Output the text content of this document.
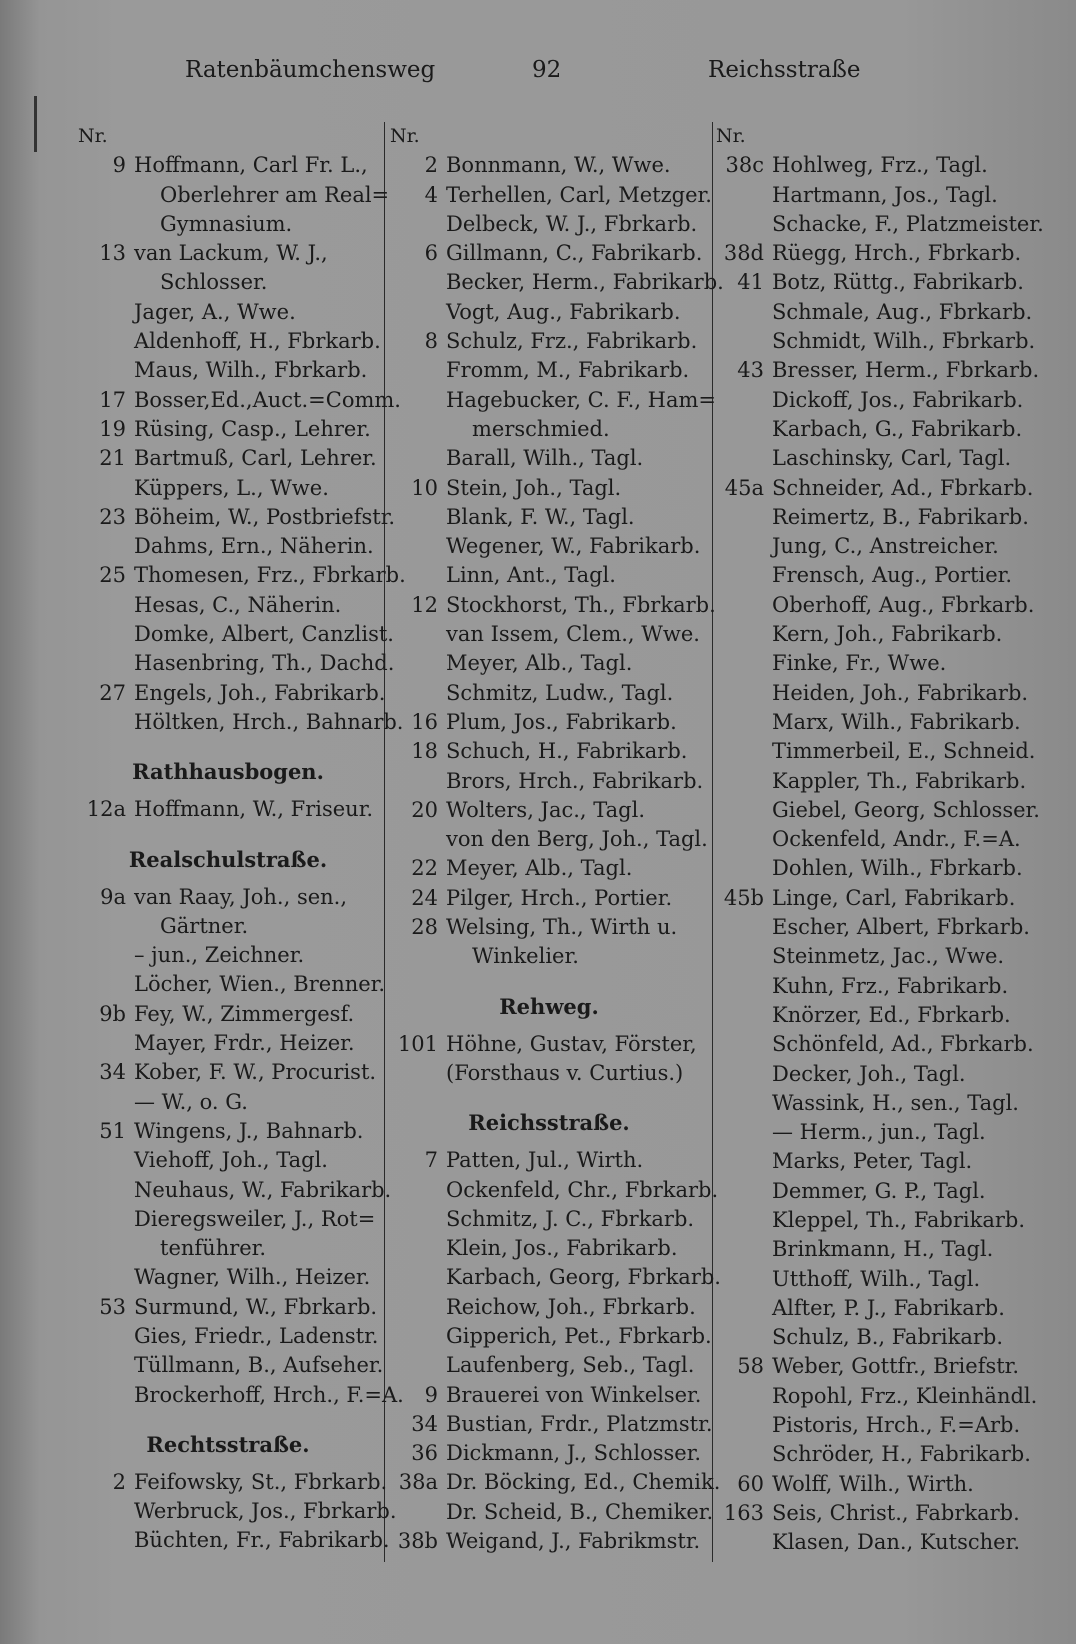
Ratenbäumchensweg	92	Reichsstraße
Nr.
9 Hoffmann, Carl Fr. L.,
Oberlehrer am Real=
Gymnasium.
13 van Lackum, W. J.,
Schlosser.
Jager, A., Wwe.
Aldenhoff, H., Fbrkarb.
Maus, Wilh., Fbrkarb.
17 Bosser,Ed.,Auct.=Comm.
19 Rüsing, Casp., Lehrer.
21 Bartmuß, Carl, Lehrer.
Küppers, L., Wwe.
23 Böheim, W., Postbriefstr.
Dahms, Ern., Näherin.
25 Thomesen, Frz., Fbrkarb.
Hesas, C., Näherin.
Domke, Albert, Canzlist.
Hasenbring, Th., Dachd.
27 Engels, Joh., Fabrikarb.
Höltken, Hrch., Bahnarb.
Rathhausbogen.
12a Hoffmann, W., Friseur.
Realschulstraße.
9a van Raay, Joh., sen.,
Gärtner.
– jun., Zeichner.
Löcher, Wien., Brenner.
9b Fey, W., Zimmergesf.
Mayer, Frdr., Heizer.
34 Kober, F. W., Procurist.
— W., o. G.
51 Wingens, J., Bahnarb.
Viehoff, Joh., Tagl.
Neuhaus, W., Fabrikarb.
Dieregsweiler, J., Rot=
tenführer.
Wagner, Wilh., Heizer.
53 Surmund, W., Fbrkarb.
Gies, Friedr., Ladenstr.
Tüllmann, B., Aufseher.
Brockerhoff, Hrch., F.=A.
Rechtsstraße.
2 Feifowsky, St., Fbrkarb.
Werbruck, Jos., Fbrkarb.
Büchten, Fr., Fabrikarb.
Nr.
2 Bonnmann, W., Wwe.
4 Terhellen, Carl, Metzger.
Delbeck, W. J., Fbrkarb.
6 Gillmann, C., Fabrikarb.
Becker, Herm., Fabrikarb.
Vogt, Aug., Fabrikarb.
8 Schulz, Frz., Fabrikarb.
Fromm, M., Fabrikarb.
Hagebucker, C. F., Ham=
merschmied.
Barall, Wilh., Tagl.
10 Stein, Joh., Tagl.
Blank, F. W., Tagl.
Wegener, W., Fabrikarb.
Linn, Ant., Tagl.
12 Stockhorst, Th., Fbrkarb.
van Issem, Clem., Wwe.
Meyer, Alb., Tagl.
Schmitz, Ludw., Tagl.
16 Plum, Jos., Fabrikarb.
18 Schuch, H., Fabrikarb.
Brors, Hrch., Fabrikarb.
20 Wolters, Jac., Tagl.
von den Berg, Joh., Tagl.
22 Meyer, Alb., Tagl.
24 Pilger, Hrch., Portier.
28 Welsing, Th., Wirth u.
Winkelier.
Rehweg.
101 Höhne, Gustav, Förster,
(Forsthaus v. Curtius.)
Reichsstraße.
7 Patten, Jul., Wirth.
Ockenfeld, Chr., Fbrkarb.
Schmitz, J. C., Fbrkarb.
Klein, Jos., Fabrikarb.
Karbach, Georg, Fbrkarb.
Reichow, Joh., Fbrkarb.
Gipperich, Pet., Fbrkarb.
Laufenberg, Seb., Tagl.
9 Brauerei von Winkelser.
34 Bustian, Frdr., Platzmstr.
36 Dickmann, J., Schlosser.
38a Dr. Böcking, Ed., Chemik.
Dr. Scheid, B., Chemiker.
38b Weigand, J., Fabrikmstr.
Nr.
38c Hohlweg, Frz., Tagl.
Hartmann, Jos., Tagl.
Schacke, F., Platzmeister.
38d Rüegg, Hrch., Fbrkarb.
41 Botz, Rüttg., Fabrikarb.
Schmale, Aug., Fbrkarb.
Schmidt, Wilh., Fbrkarb.
43 Bresser, Herm., Fbrkarb.
Dickoff, Jos., Fabrikarb.
Karbach, G., Fabrikarb.
Laschinsky, Carl, Tagl.
45a Schneider, Ad., Fbrkarb.
Reimertz, B., Fabrikarb.
Jung, C., Anstreicher.
Frensch, Aug., Portier.
Oberhoff, Aug., Fbrkarb.
Kern, Joh., Fabrikarb.
Finke, Fr., Wwe.
Heiden, Joh., Fabrikarb.
Marx, Wilh., Fabrikarb.
Timmerbeil, E., Schneid.
Kappler, Th., Fabrikarb.
Giebel, Georg, Schlosser.
Ockenfeld, Andr., F.=A.
Dohlen, Wilh., Fbrkarb.
45b Linge, Carl, Fabrikarb.
Escher, Albert, Fbrkarb.
Steinmetz, Jac., Wwe.
Kuhn, Frz., Fabrikarb.
Knörzer, Ed., Fbrkarb.
Schönfeld, Ad., Fbrkarb.
Decker, Joh., Tagl.
Wassink, H., sen., Tagl.
— Herm., jun., Tagl.
Marks, Peter, Tagl.
Demmer, G. P., Tagl.
Kleppel, Th., Fabrikarb.
Brinkmann, H., Tagl.
Utthoff, Wilh., Tagl.
Alfter, P. J., Fabrikarb.
Schulz, B., Fabrikarb.
58 Weber, Gottfr., Briefstr.
Ropohl, Frz., Kleinhändl.
Pistoris, Hrch., F.=Arb.
Schröder, H., Fabrikarb.
60 Wolff, Wilh., Wirth.
163 Seis, Christ., Fabrkarb.
Klasen, Dan., Kutscher.
